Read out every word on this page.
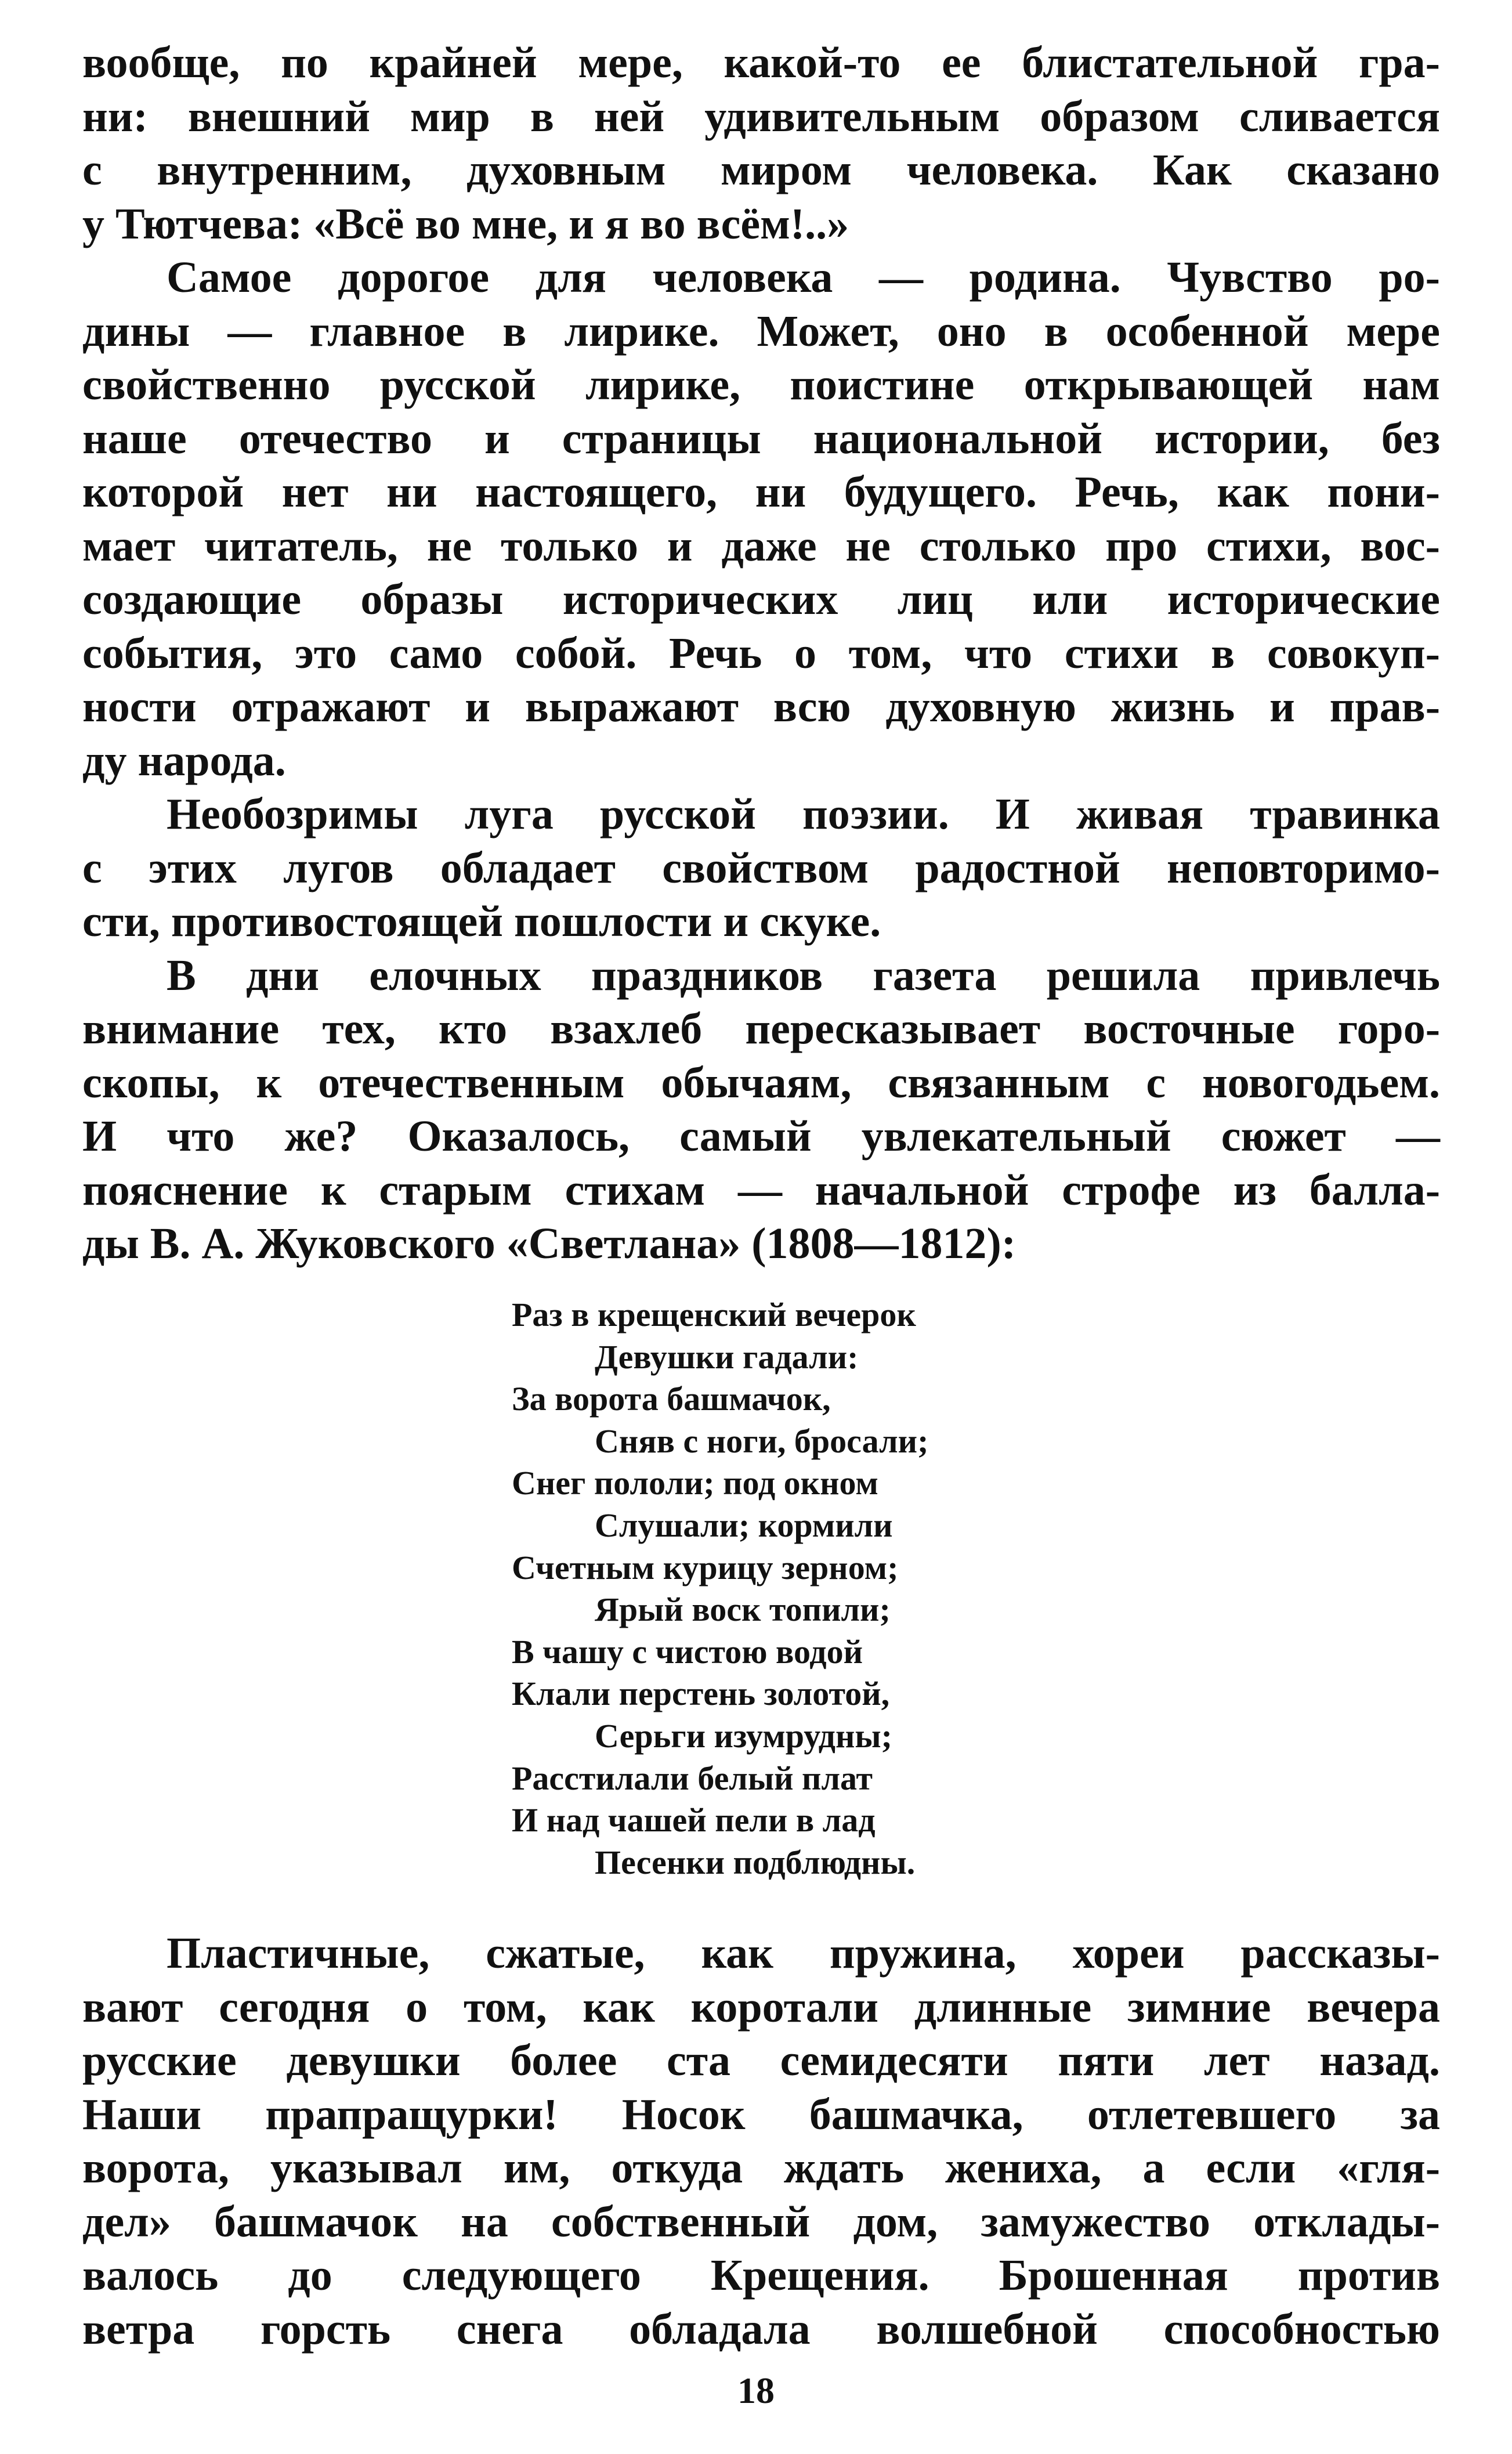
вообще, по крайней мере, какой-то ее блистательной гра-
ни: внешний мир в ней удивительным образом сливается
с внутренним, духовным миром человека. Как сказано
у Тютчева: «Всё во мне, и я во всём!..»
Самое дорогое для человека — родина. Чувство ро-
дины — главное в лирике. Может, оно в особенной мере
свойственно русской лирике, поистине открывающей нам
наше отечество и страницы национальной истории, без
которой нет ни настоящего, ни будущего. Речь, как пони-
мает читатель, не только и даже не столько про стихи, вос-
создающие образы исторических лиц или исторические
события, это само собой. Речь о том, что стихи в совокуп-
ности отражают и выражают всю духовную жизнь и прав-
ду народа.
Необозримы луга русской поэзии. И живая травинка
с этих лугов обладает свойством радостной неповторимо-
сти, противостоящей пошлости и скуке.
В дни елочных праздников газета решила привлечь
внимание тех, кто взахлеб пересказывает восточные горо-
скопы, к отечественным обычаям, связанным с новогодьем.
И что же? Оказалось, самый увлекательный сюжет —
пояснение к старым стихам — начальной строфе из балла-
ды В. А. Жуковского «Светлана» (1808—1812):
Раз в крещенский вечерок
Девушки гадали:
За ворота башмачок,
Сняв с ноги, бросали;
Снег пололи; под окном
Слушали; кормили
Счетным курицу зерном;
Ярый воск топили;
В чашу с чистою водой
Клали перстень золотой,
Серьги изумрудны;
Расстилали белый плат
И над чашей пели в лад
Песенки подблюдны.
Пластичные, сжатые, как пружина, хореи рассказы-
вают сегодня о том, как коротали длинные зимние вечера
русские девушки более ста семидесяти пяти лет назад.
Наши прапращурки! Носок башмачка, отлетевшего за
ворота, указывал им, откуда ждать жениха, а если «гля-
дел» башмачок на собственный дом, замужество отклады-
валось до следующего Крещения. Брошенная против
ветра горсть снега обладала волшебной способностью
18
